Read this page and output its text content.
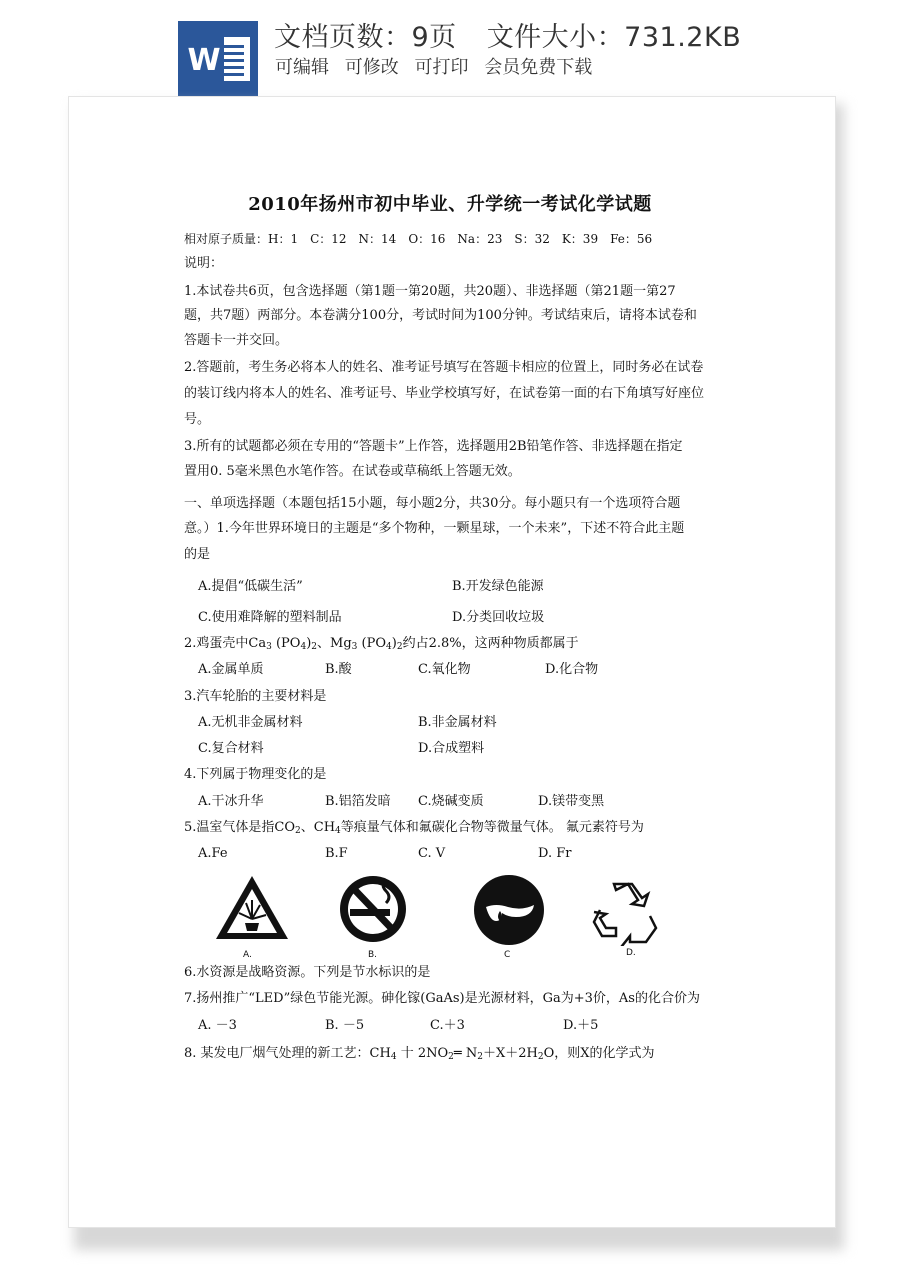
W
文档页数：9页 文件大小：731.2KB
可编辑 可修改 可打印 会员免费下载
2010年扬州市初中毕业、升学统一考试化学试题
相对原子质量：H：1　C：12　N：14　O：16　Na：23　S：32　K：39　Fe：56
说明：
1.本试卷共6页，包含选择题（第1题一第20题，共20题）、非选择题（第21题一第27
题，共7题）两部分。本卷满分100分，考试时间为100分钟。考试结束后，请将本试卷和
答题卡一并交回。
2.答题前，考生务必将本人的姓名、准考证号填写在答题卡相应的位置上，同时务必在试卷
的装订线内将本人的姓名、准考证号、毕业学校填写好，在试卷第一面的右下角填写好座位
号。
3.所有的试题都必须在专用的“答题卡”上作答，选择题用2B铅笔作答、非选择题在指定
置用0. 5毫米黑色水笔作答。在试卷或草稿纸上答题无效。
一、单项选择题（本题包括15小题，每小题2分，共30分。每小题只有一个选项符合题
意。）1.今年世界环境日的主题是“多个物种，一颗星球，一个未来”，下述不符合此主题
的是
A.提倡“低碳生活”	B.开发绿色能源
C.使用难降解的塑料制品	D.分类回收垃圾
2.鸡蛋壳中$Ca_3$ $(PO_4)_2$、$Mg_3$ $(PO_4)_2$约占2.8%，这两种物质都属于
A.金属单质	B.酸	C.氧化物	D.化合物
3.汽车轮胎的主要材料是
A.无机非金属材料	B.非金属材料
C.复合材料	D.合成塑料
4.下列属于物理变化的是
A.干冰升华	B.铝箔发暗 C.烧碱变质	D.镁带变黑
5.温室气体是指$CO_2$、$CH_4$等痕量气体和氟碳化合物等微量气体。 氟元素符号为
A.Fe	B.F	C. V	D. Fr
A.	B.	C	D.
6.水资源是战略资源。下列是节水标识的是
7.扬州推广“LED”绿色节能光源。砷化镓(GaAs)是光源材料，Ga为+3价，As的化合价为
A. －3	B. －5	C.＋3	D.＋5
8. 某发电厂烟气处理的新工艺：$CH_4$ 十 $2NO_2═$ $N_2+X+2H_2O$，则X的化学式为
